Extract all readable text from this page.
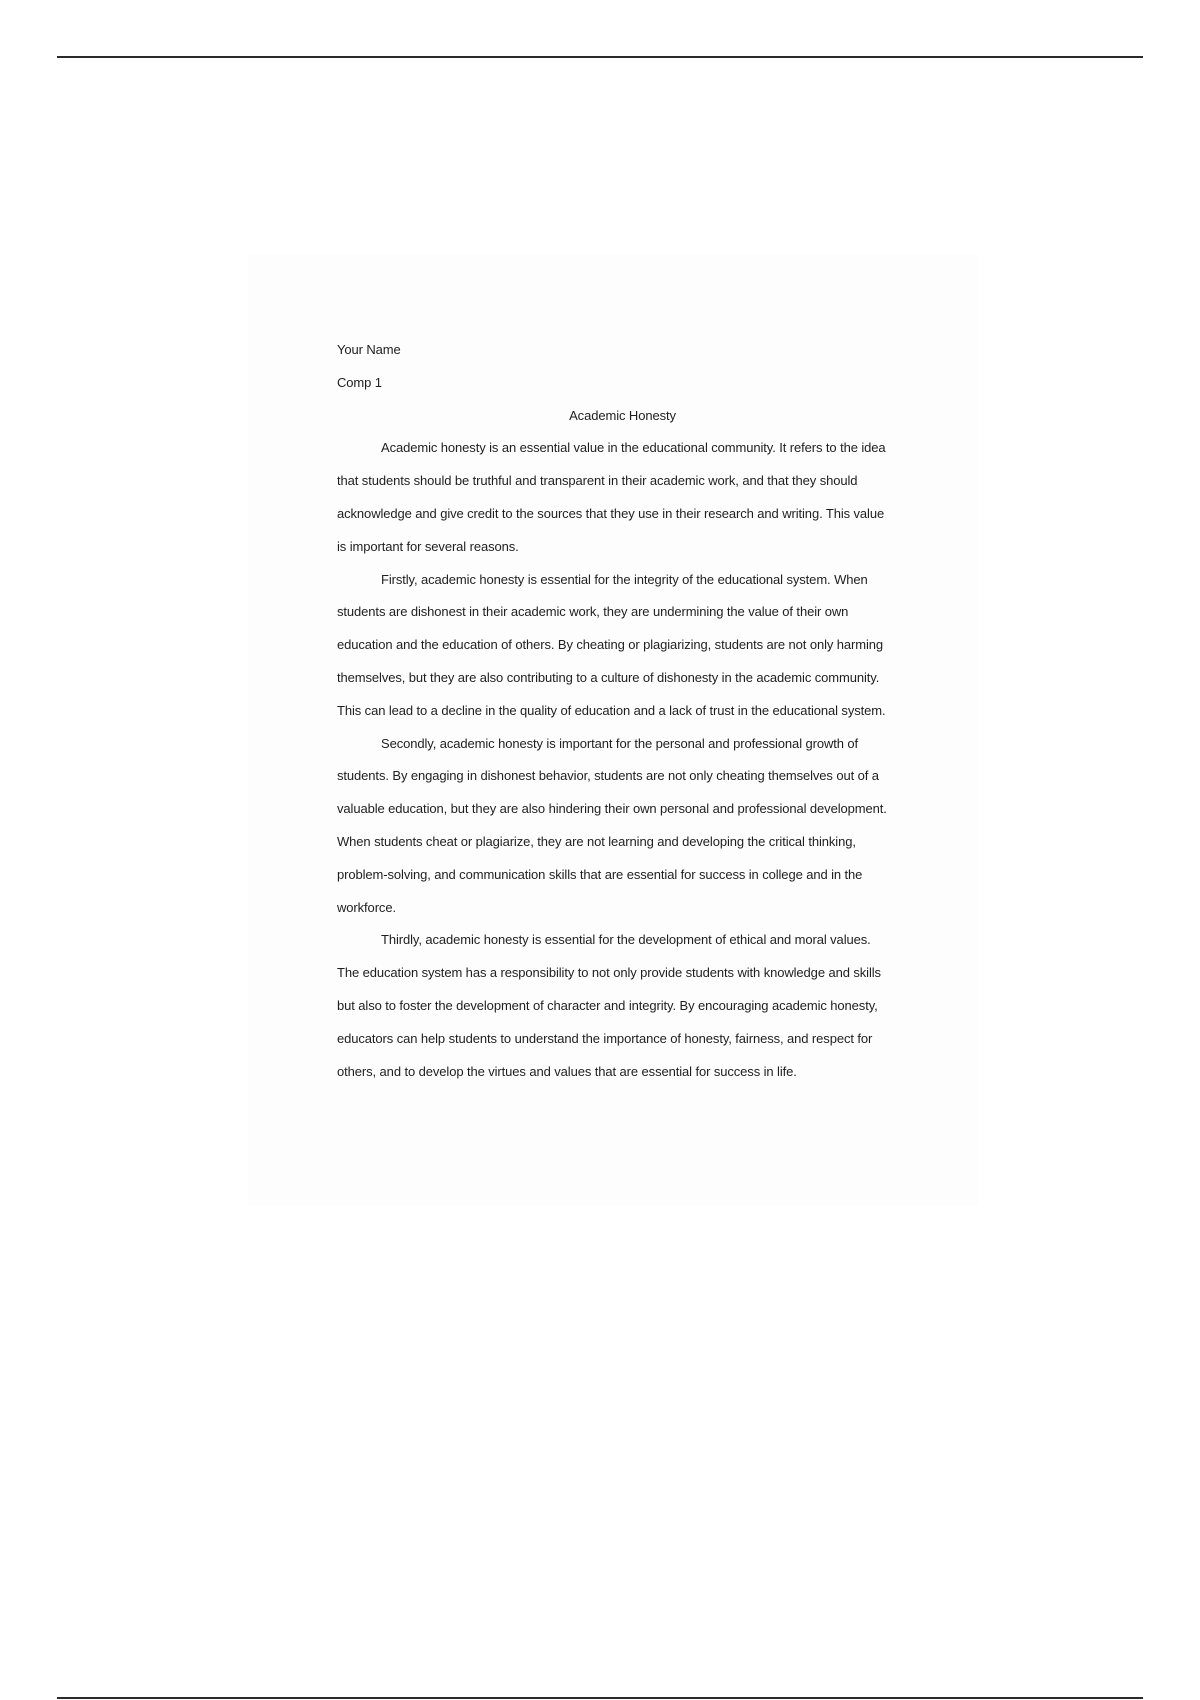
Your Name

Comp 1

Academic Honesty

Academic honesty is an essential value in the educational community. It refers to the idea
that students should be truthful and transparent in their academic work, and that they should
acknowledge and give credit to the sources that they use in their research and writing. This value
is important for several reasons.

Firstly, academic honesty is essential for the integrity of the educational system. When
students are dishonest in their academic work, they are undermining the value of their own
education and the education of others. By cheating or plagiarizing, students are not only harming
themselves, but they are also contributing to a culture of dishonesty in the academic community.
This can lead to a decline in the quality of education and a lack of trust in the educational system.

Secondly, academic honesty is important for the personal and professional growth of
students. By engaging in dishonest behavior, students are not only cheating themselves out of a
valuable education, but they are also hindering their own personal and professional development.
When students cheat or plagiarize, they are not learning and developing the critical thinking,
problem-solving, and communication skills that are essential for success in college and in the
workforce.

Thirdly, academic honesty is essential for the development of ethical and moral values.
The education system has a responsibility to not only provide students with knowledge and skills
but also to foster the development of character and integrity. By encouraging academic honesty,
educators can help students to understand the importance of honesty, fairness, and respect for
others, and to develop the virtues and values that are essential for success in life.
